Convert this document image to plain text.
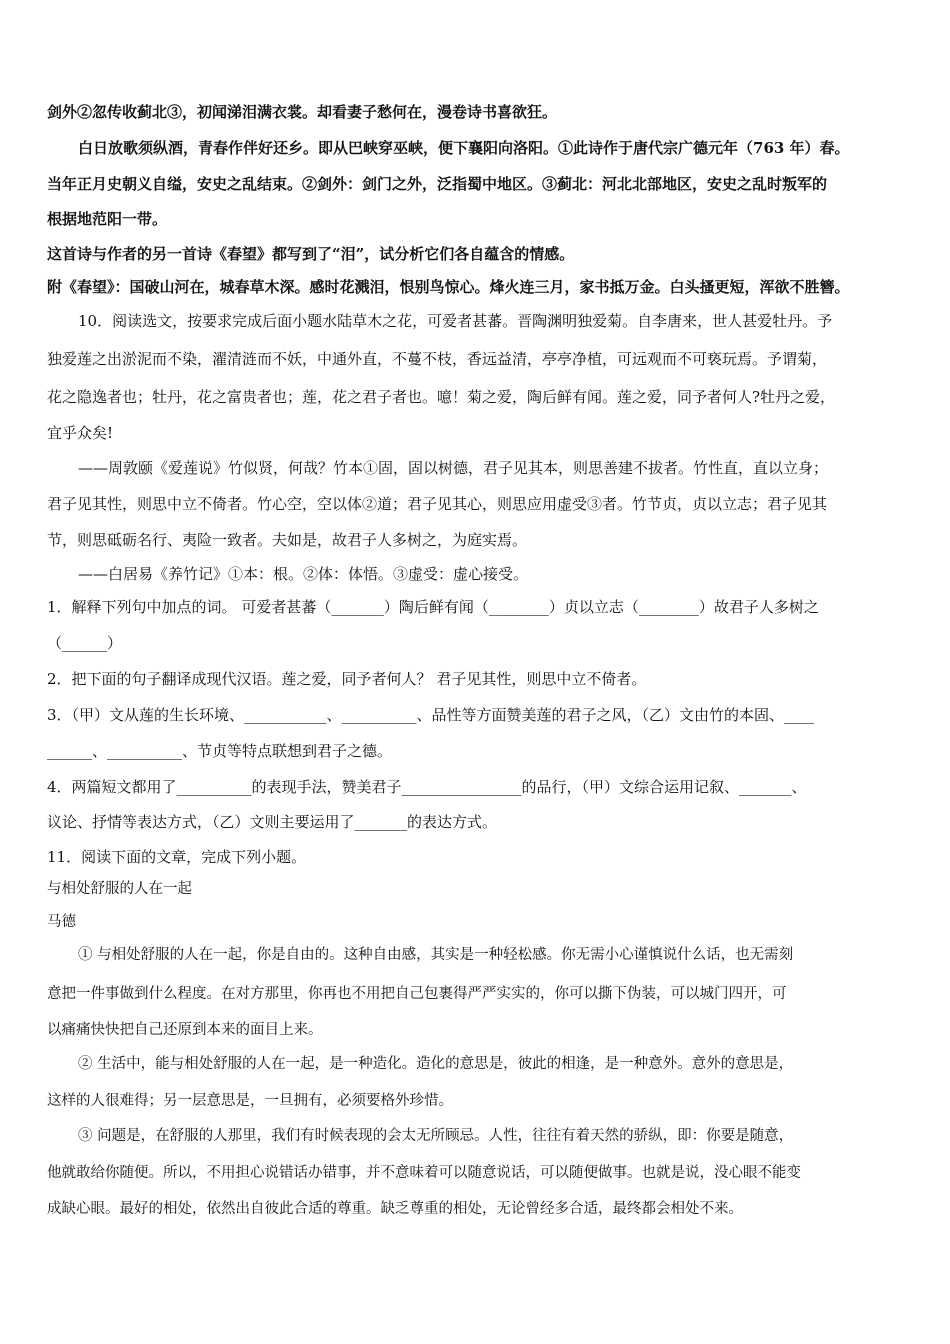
剑外②忽传收蓟北③，初闻涕泪满衣裳。却看妻子愁何在，漫卷诗书喜欲狂。
白日放歌须纵酒，青春作伴好还乡。即从巴峡穿巫峡，便下襄阳向洛阳。①此诗作于唐代宗广德元年（763 年）春。
当年正月史朝义自缢，安史之乱结束。②剑外：剑门之外，泛指蜀中地区。③蓟北：河北北部地区，安史之乱时叛军的
根据地范阳一带。
这首诗与作者的另一首诗《春望》都写到了“泪”，试分析它们各自蕴含的情感。
附《春望》：国破山河在，城春草木深。感时花溅泪，恨别鸟惊心。烽火连三月，家书抵万金。白头搔更短，浑欲不胜簪。
10．阅读选文，按要求完成后面小题水陆草木之花，可爱者甚蕃。晋陶渊明独爱菊。自李唐来，世人甚爱牡丹。予
独爱莲之出淤泥而不染，濯清涟而不妖，中通外直，不蔓不枝，香远益清，亭亭净植，可远观而不可亵玩焉。予谓菊，
花之隐逸者也；牡丹，花之富贵者也；莲，花之君子者也。噫！菊之爱，陶后鲜有闻。莲之爱，同予者何人?牡丹之爱，
宜乎众矣!
——周敦颐《爱莲说》竹似贤，何哉？竹本①固，固以树德，君子见其本，则思善建不拔者。竹性直，直以立身；
君子见其性，则思中立不倚者。竹心空，空以体②道；君子见其心，则思应用虚受③者。竹节贞，贞以立志；君子见其
节，则思砥砺名行、夷险一致者。夫如是，故君子人多树之，为庭实焉。
——白居易《养竹记》①本：根。②体：体悟。③虚受：虚心接受。
1．解释下列句中加点的词。 可爱者甚蕃（_______）陶后鲜有闻（________）贞以立志（________）故君子人多树之
（______）
2．把下面的句子翻译成现代汉语。莲之爱，同予者何人？ 君子见其性，则思中立不倚者。
3．（甲）文从莲的生长环境、___________、__________、品性等方面赞美莲的君子之风，（乙）文由竹的本固、____
______、__________、节贞等特点联想到君子之德。
4．两篇短文都用了__________的表现手法，赞美君子________________的品行，（甲）文综合运用记叙、_______、
议论、抒情等表达方式，（乙）文则主要运用了_______的表达方式。
11．阅读下面的文章，完成下列小题。
与相处舒服的人在一起
马德
① 与相处舒服的人在一起，你是自由的。这种自由感，其实是一种轻松感。你无需小心谨慎说什么话，也无需刻
意把一件事做到什么程度。在对方那里，你再也不用把自己包裹得严严实实的，你可以撕下伪装，可以城门四开，可
以痛痛快快把自己还原到本来的面目上来。
② 生活中，能与相处舒服的人在一起，是一种造化。造化的意思是，彼此的相逢，是一种意外。意外的意思是，
这样的人很难得；另一层意思是，一旦拥有，必须要格外珍惜。
③ 问题是，在舒服的人那里，我们有时候表现的会太无所顾忌。人性，往往有着天然的骄纵，即：你要是随意，
他就敢给你随便。所以，不用担心说错话办错事，并不意味着可以随意说话，可以随便做事。也就是说，没心眼不能变
成缺心眼。最好的相处，依然出自彼此合适的尊重。缺乏尊重的相处，无论曾经多合适，最终都会相处不来。
